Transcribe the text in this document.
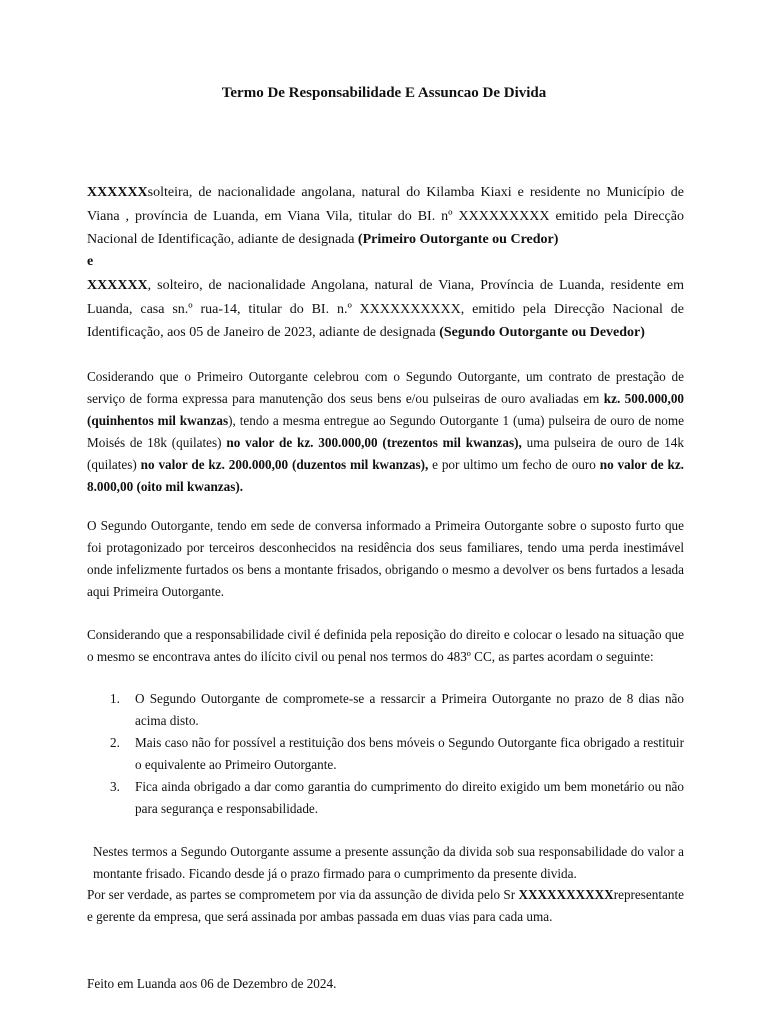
Termo De Responsabilidade E Assuncao De Divida
XXXXXXsolteira, de nacionalidade angolana, natural do Kilamba Kiaxi e residente no Município de Viana , província de Luanda, em Viana Vila, titular do BI. nº XXXXXXXXX emitido pela Direcção Nacional de Identificação, adiante de designada (Primeiro Outorgante ou Credor)
e
XXXXXX, solteiro, de nacionalidade Angolana, natural de Viana, Província de Luanda, residente em Luanda, casa sn.º rua-14, titular do BI. n.º XXXXXXXXXX, emitido pela Direcção Nacional de Identificação, aos 05 de Janeiro de 2023, adiante de designada (Segundo Outorgante ou Devedor)
Cosiderando que o Primeiro Outorgante celebrou com o Segundo Outorgante, um contrato de prestação de serviço de forma expressa para manutenção dos seus bens e/ou pulseiras de ouro avaliadas em kz. 500.000,00 (quinhentos mil kwanzas), tendo a mesma entregue ao Segundo Outorgante 1 (uma) pulseira de ouro de nome Moisés de 18k (quilates) no valor de kz. 300.000,00 (trezentos mil kwanzas), uma pulseira de ouro de 14k (quilates) no valor de kz. 200.000,00 (duzentos mil kwanzas), e por ultimo um fecho de ouro no valor de kz. 8.000,00 (oito mil kwanzas).
O Segundo Outorgante, tendo em sede de conversa informado a Primeira Outorgante sobre o suposto furto que foi protagonizado por terceiros desconhecidos na residência dos seus familiares, tendo uma perda inestimável onde infelizmente furtados os bens a montante frisados, obrigando o mesmo a devolver os bens furtados a lesada aqui Primeira Outorgante.
Considerando que a responsabilidade civil é definida pela reposição do direito e colocar o lesado na situação que o mesmo se encontrava antes do ilícito civil ou penal nos termos do 483º CC, as partes acordam o seguinte:
1. O Segundo Outorgante de compromete-se a ressarcir a Primeira Outorgante no prazo de 8 dias não acima disto.
2. Mais caso não for possível a restituição dos bens móveis o Segundo Outorgante fica obrigado a restituir o equivalente ao Primeiro Outorgante.
3. Fica ainda obrigado a dar como garantia do cumprimento do direito exigido um bem monetário ou não para segurança e responsabilidade.
Nestes termos a Segundo Outorgante assume a presente assunção da divida sob sua responsabilidade do valor a montante frisado. Ficando desde já o prazo firmado para o cumprimento da presente divida.
Por ser verdade, as partes se comprometem por via da assunção de divida pelo Sr XXXXXXXXXXrepresentante e gerente da empresa, que será assinada por ambas passada em duas vias para cada uma.
Feito em Luanda aos 06 de Dezembro de 2024.
